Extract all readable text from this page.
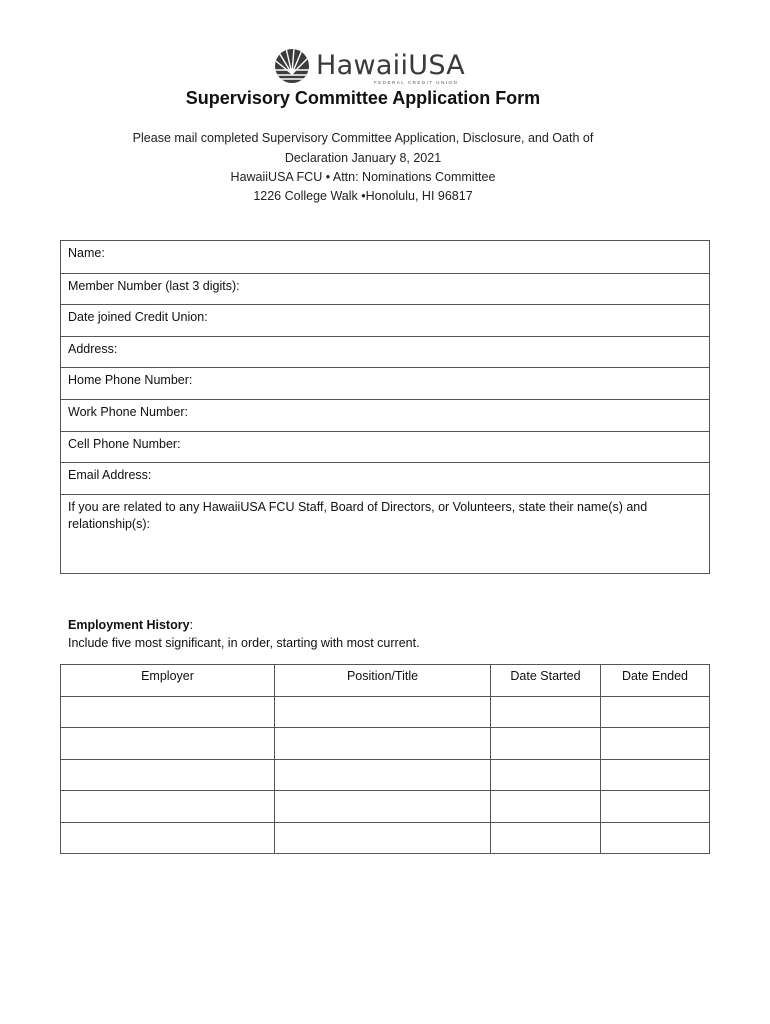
HawaiiUSA
FEDERAL CREDIT UNION
Supervisory Committee Application Form
Please mail completed Supervisory Committee Application, Disclosure, and Oath of
Declaration January 8, 2021
HawaiiUSA FCU • Attn: Nominations Committee
1226 College Walk •Honolulu, HI 96817
Name:
Member Number (last 3 digits):
Date joined Credit Union:
Address:
Home Phone Number:
Work Phone Number:
Cell Phone Number:
Email Address:
If you are related to any HawaiiUSA FCU Staff, Board of Directors, or Volunteers, state their name(s) and relationship(s):
Employment History:
Include five most significant, in order, starting with most current.
Employer	Position/Title	Date Started	Date Ended
